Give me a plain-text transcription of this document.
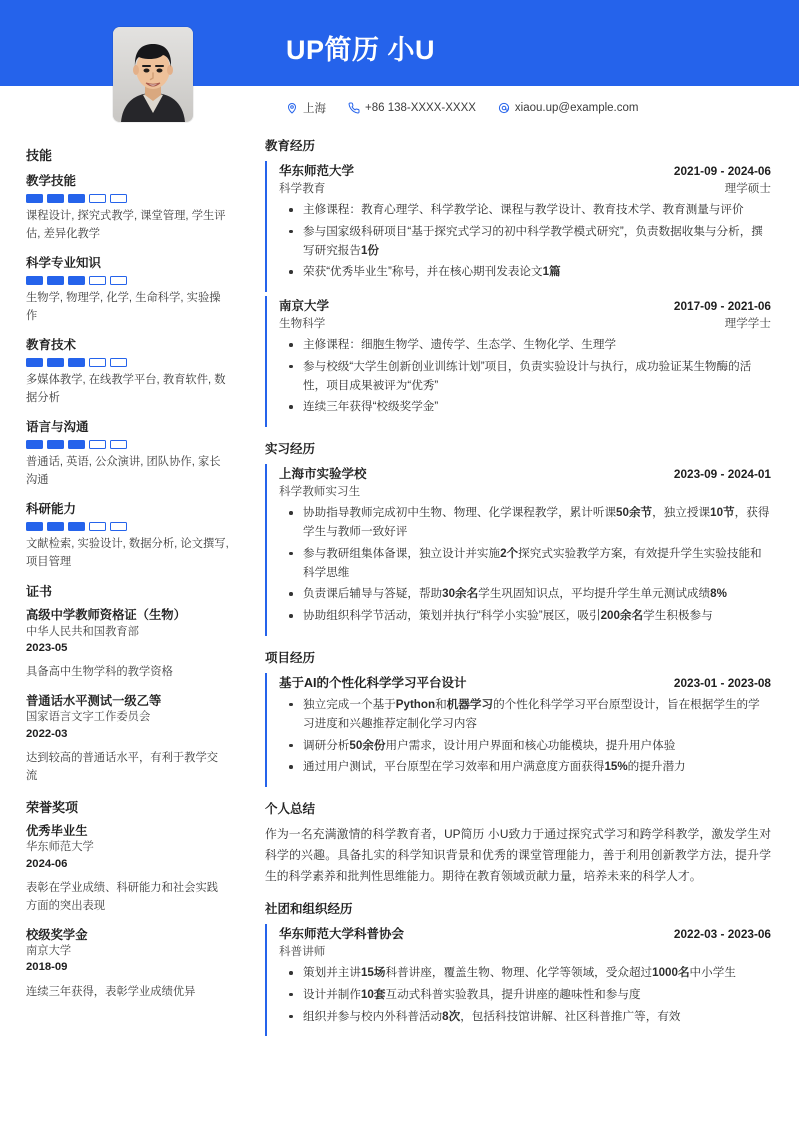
UP简历 小U
上海	+86 138-XXXX-XXXX	xiaou.up@example.com
技能
教学技能
课程设计, 探究式教学, 课堂管理, 学生评估, 差异化教学
科学专业知识
生物学, 物理学, 化学, 生命科学, 实验操作
教育技术
多媒体教学, 在线教学平台, 教育软件, 数据分析
语言与沟通
普通话, 英语, 公众演讲, 团队协作, 家长沟通
科研能力
文献检索, 实验设计, 数据分析, 论文撰写, 项目管理
证书
高级中学教师资格证（生物）
中华人民共和国教育部
2023-05
具备高中生物学科的教学资格
普通话水平测试一级乙等
国家语言文字工作委员会
2022-03
达到较高的普通话水平，有利于教学交流
荣誉奖项
优秀毕业生
华东师范大学
2024-06
表彰在学业成绩、科研能力和社会实践方面的突出表现
校级奖学金
南京大学
2018-09
连续三年获得，表彰学业成绩优异
教育经历
华东师范大学	2021-09 - 2024-06
科学教育	理学硕士
主修课程：教育心理学、科学教学论、课程与教学设计、教育技术学、教育测量与评价
参与国家级科研项目“基于探究式学习的初中科学教学模式研究”，负责数据收集与分析，撰写研究报告1份
荣获“优秀毕业生”称号，并在核心期刊发表论文1篇
南京大学	2017-09 - 2021-06
生物科学	理学学士
主修课程：细胞生物学、遗传学、生态学、生物化学、生理学
参与校级“大学生创新创业训练计划”项目，负责实验设计与执行，成功验证某生物酶的活性，项目成果被评为“优秀”
连续三年获得“校级奖学金”
实习经历
上海市实验学校	2023-09 - 2024-01
科学教师实习生
协助指导教师完成初中生物、物理、化学课程教学，累计听课50余节，独立授课10节，获得学生与教师一致好评
参与教研组集体备课，独立设计并实施2个探究式实验教学方案，有效提升学生实验技能和科学思维
负责课后辅导与答疑，帮助30余名学生巩固知识点，平均提升学生单元测试成绩8%
协助组织科学节活动，策划并执行“科学小实验”展区，吸引200余名学生积极参与
项目经历
基于AI的个性化科学学习平台设计	2023-01 - 2023-08
独立完成一个基于Python和机器学习的个性化科学学习平台原型设计，旨在根据学生的学习进度和兴趣推荐定制化学习内容
调研分析50余份用户需求，设计用户界面和核心功能模块，提升用户体验
通过用户测试，平台原型在学习效率和用户满意度方面获得15%的提升潜力
个人总结
作为一名充满激情的科学教育者，UP简历 小U致力于通过探究式学习和跨学科教学，激发学生对科学的兴趣。具备扎实的科学知识背景和优秀的课堂管理能力，善于利用创新教学方法，提升学生的科学素养和批判性思维能力。期待在教育领域贡献力量，培养未来的科学人才。
社团和组织经历
华东师范大学科普协会	2022-03 - 2023-06
科普讲师
策划并主讲15场科普讲座，覆盖生物、物理、化学等领域，受众超过1000名中小学生
设计并制作10套互动式科普实验教具，提升讲座的趣味性和参与度
组织并参与校内外科普活动8次，包括科技馆讲解、社区科普推广等，有效
